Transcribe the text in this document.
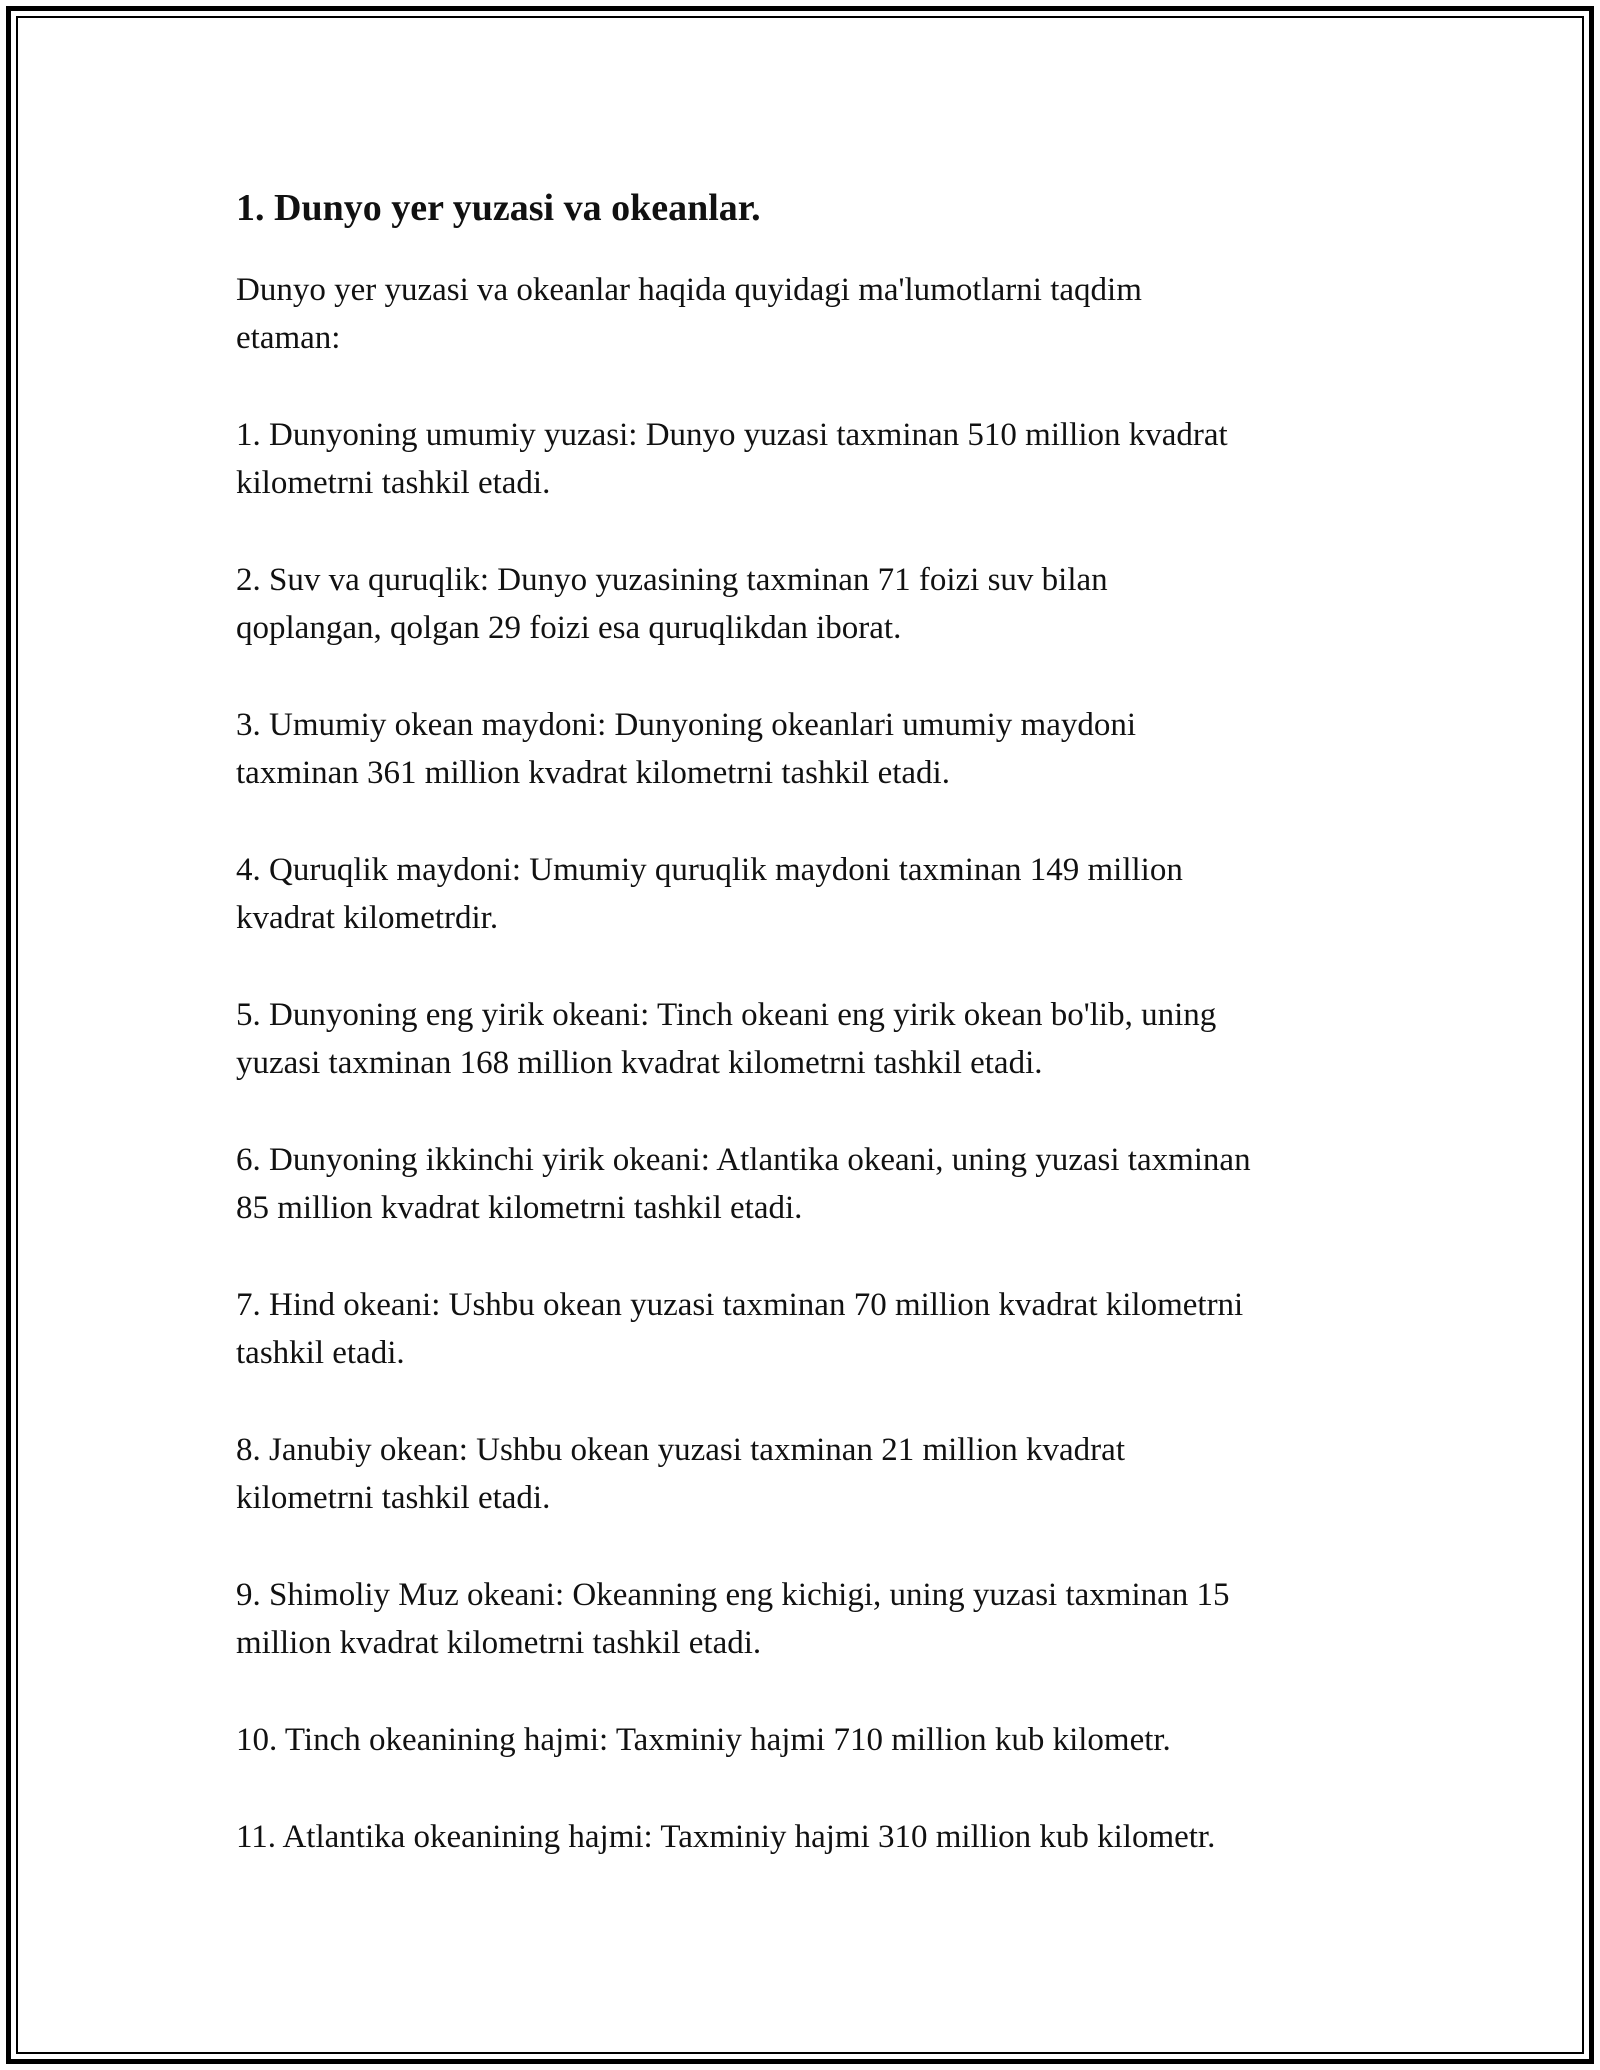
1. Dunyo yer yuzasi va okeanlar.

Dunyo yer yuzasi va okeanlar haqida quyidagi ma'lumotlarni taqdim
etaman:

1. Dunyoning umumiy yuzasi: Dunyo yuzasi taxminan 510 million kvadrat
kilometrni tashkil etadi.

2. Suv va quruqlik: Dunyo yuzasining taxminan 71 foizi suv bilan
qoplangan, qolgan 29 foizi esa quruqlikdan iborat.

3. Umumiy okean maydoni: Dunyoning okeanlari umumiy maydoni
taxminan 361 million kvadrat kilometrni tashkil etadi.

4. Quruqlik maydoni: Umumiy quruqlik maydoni taxminan 149 million
kvadrat kilometrdir.

5. Dunyoning eng yirik okeani: Tinch okeani eng yirik okean bo'lib, uning
yuzasi taxminan 168 million kvadrat kilometrni tashkil etadi.

6. Dunyoning ikkinchi yirik okeani: Atlantika okeani, uning yuzasi taxminan
85 million kvadrat kilometrni tashkil etadi.

7. Hind okeani: Ushbu okean yuzasi taxminan 70 million kvadrat kilometrni
tashkil etadi.

8. Janubiy okean: Ushbu okean yuzasi taxminan 21 million kvadrat
kilometrni tashkil etadi.

9. Shimoliy Muz okeani: Okeanning eng kichigi, uning yuzasi taxminan 15
million kvadrat kilometrni tashkil etadi.

10. Tinch okeanining hajmi: Taxminiy hajmi 710 million kub kilometr.

11. Atlantika okeanining hajmi: Taxminiy hajmi 310 million kub kilometr.
